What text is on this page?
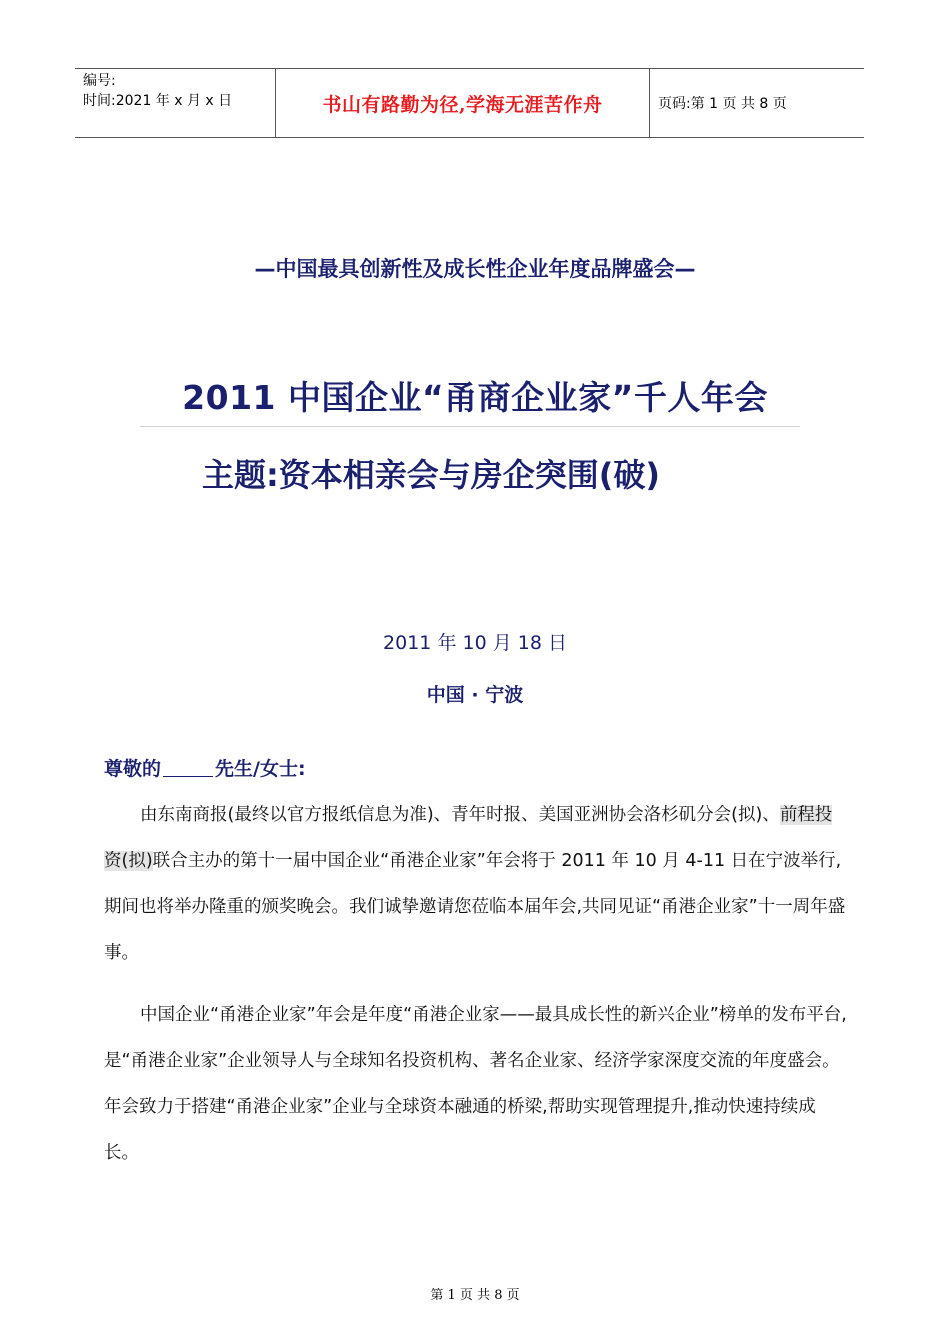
编号:
时间:2021 年 x 月 x 日	书山有路勤为径,学海无涯苦作舟	页码:第 1 页 共 8 页
—中国最具创新性及成长性企业年度品牌盛会—
2011 中国企业“甬商企业家”千人年会
主题:资本相亲会与房企突围(破)
2011 年 10 月 18 日
中国 · 宁波
尊敬的	先生/女士:
由东南商报(最终以官方报纸信息为准)、青年时报、美国亚洲协会洛杉矶分会(拟)、前程投资(拟)联合主办的第十一届中国企业“甬港企业家”年会将于 2011 年 10 月 4-11 日在宁波举行,期间也将举办隆重的颁奖晚会。我们诚挚邀请您莅临本届年会,共同见证“甬港企业家”十一周年盛事。
中国企业“甬港企业家”年会是年度“甬港企业家——最具成长性的新兴企业”榜单的发布平台,是“甬港企业家”企业领导人与全球知名投资机构、著名企业家、经济学家深度交流的年度盛会。年会致力于搭建“甬港企业家”企业与全球资本融通的桥梁,帮助实现管理提升,推动快速持续成长。
第 1 页 共 8 页
